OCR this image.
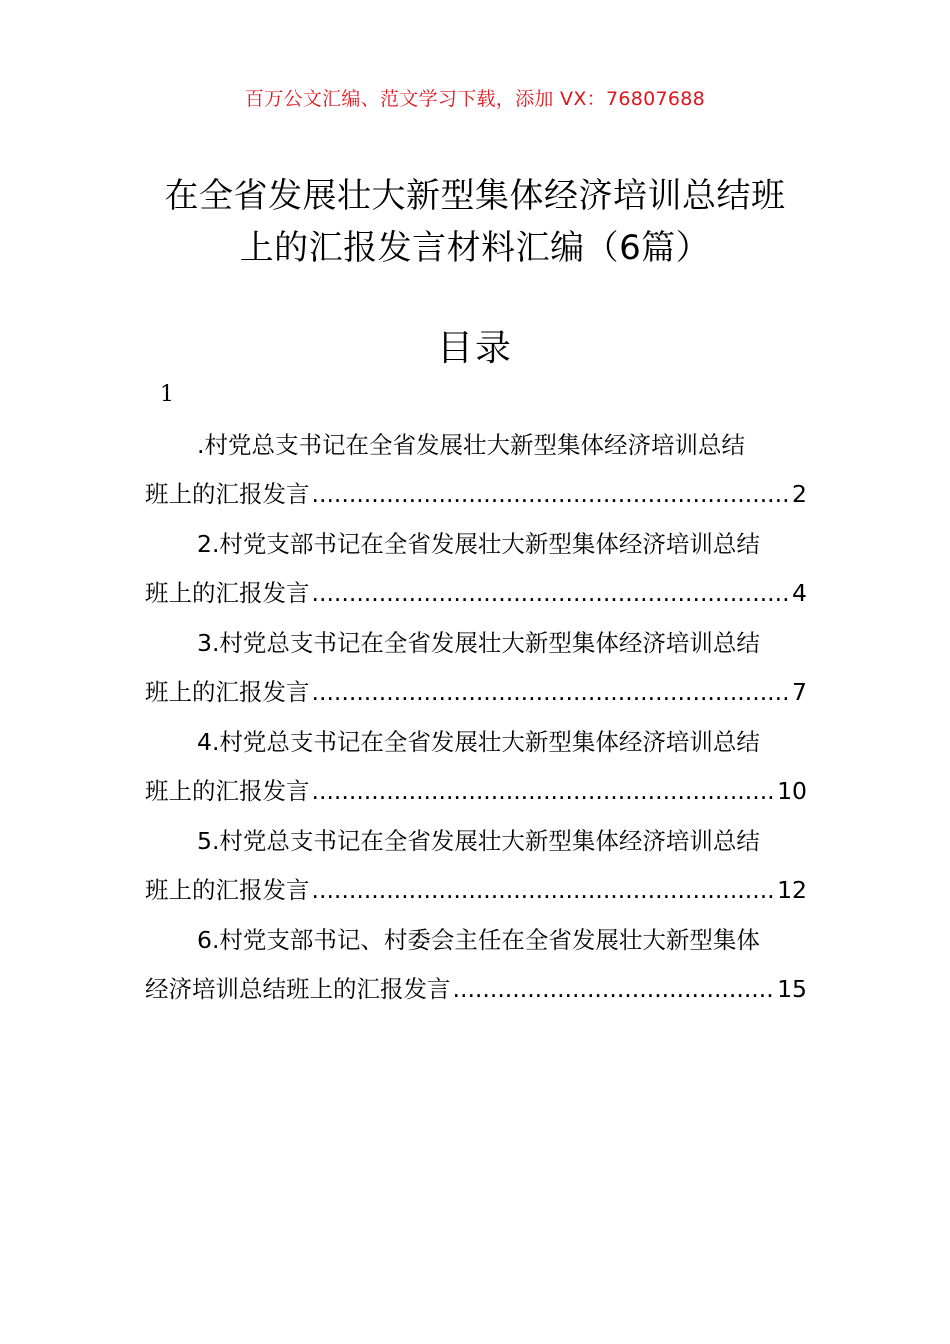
百万公文汇编、范文学习下载，添加 VX：76807688
在全省发展壮大新型集体经济培训总结班
上的汇报发言材料汇编（6篇）
目录
1
.村党总支书记在全省发展壮大新型集体经济培训总结
班上的汇报发言 .....	2
2.村党支部书记在全省发展壮大新型集体经济培训总结
班上的汇报发言 .....	4
3.村党总支书记在全省发展壮大新型集体经济培训总结
班上的汇报发言 .....	7
4.村党总支书记在全省发展壮大新型集体经济培训总结
班上的汇报发言 .....	10
5.村党总支书记在全省发展壮大新型集体经济培训总结
班上的汇报发言 .....	12
6.村党支部书记、村委会主任在全省发展壮大新型集体
经济培训总结班上的汇报发言 .....	15
